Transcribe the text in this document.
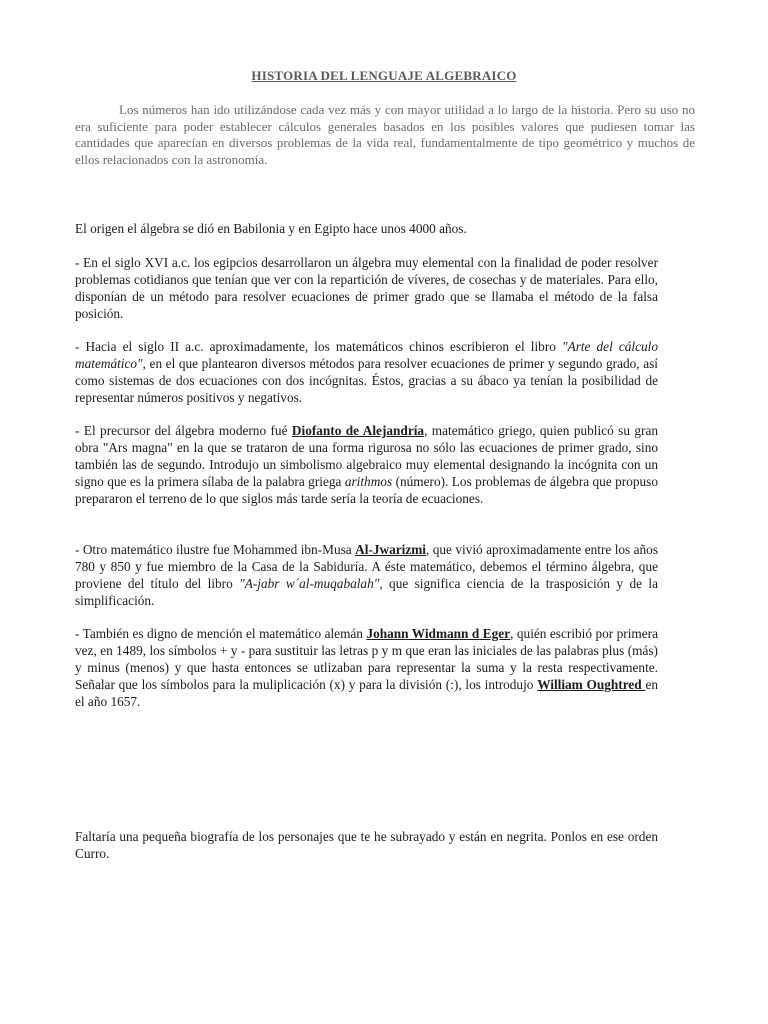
HISTORIA DEL LENGUAJE ALGEBRAICO

Los números han ido utilizándose cada vez más y con mayor utilidad a lo largo de la historia. Pero su uso no era suficiente para poder establecer cálculos generales basados en los posibles valores que pudiesen tomar las cantidades que aparecían en diversos problemas de la vida real, fundamentalmente de tipo geométrico y muchos de ellos relacionados con la astronomía.

El origen el álgebra se dió en Babilonia y en Egipto hace unos 4000 años.

- En el siglo XVI a.c. los egipcios desarrollaron un álgebra muy elemental con la finalidad de poder resolver problemas cotidianos que tenían que ver con la repartición de víveres, de cosechas y de materiales. Para ello, disponían de un método para resolver ecuaciones de primer grado que se llamaba el método de la falsa posición.

- Hacia el siglo II a.c. aproximadamente, los matemáticos chinos escribieron el libro "Arte del cálculo matemático", en el que plantearon diversos métodos para resolver ecuaciones de primer y segundo grado, así como sistemas de dos ecuaciones con dos incógnitas. Éstos, gracias a su ábaco ya tenían la posibilidad de representar números positivos y negativos.

- El precursor del álgebra moderno fué Diofanto de Alejandría, matemático griego, quien publicó su gran obra "Ars magna" en la que se trataron de una forma rigurosa no sólo las ecuaciones de primer grado, sino también las de segundo. Introdujo un simbolismo algebraico muy elemental designando la incógnita con un signo que es la primera sílaba de la palabra griega arithmos (número). Los problemas de álgebra que propuso prepararon el terreno de lo que siglos más tarde sería la teoría de ecuaciones.

- Otro matemático ilustre fue Mohammed ibn-Musa Al-Jwarizmi, que vivió aproximadamente entre los años 780 y 850 y fue miembro de la Casa de la Sabiduría. A éste matemático, debemos el término álgebra, que proviene del título del libro "A-jabr w´al-muqabalah", que significa ciencia de la trasposición y de la simplificación.

- También es digno de mención el matemático alemán Johann Widmann d Eger, quién escribió por primera vez, en 1489, los símbolos + y - para sustituir las letras p y m que eran las iniciales de las palabras plus (más) y minus (menos) y que hasta entonces se utlizaban para representar la suma y la resta respectivamente. Señalar que los símbolos para la muliplicación (x) y para la división (:), los introdujo William Oughtred en el año 1657.

Faltaría una pequeña biografía de los personajes que te he subrayado y están en negrita. Ponlos en ese orden Curro.
